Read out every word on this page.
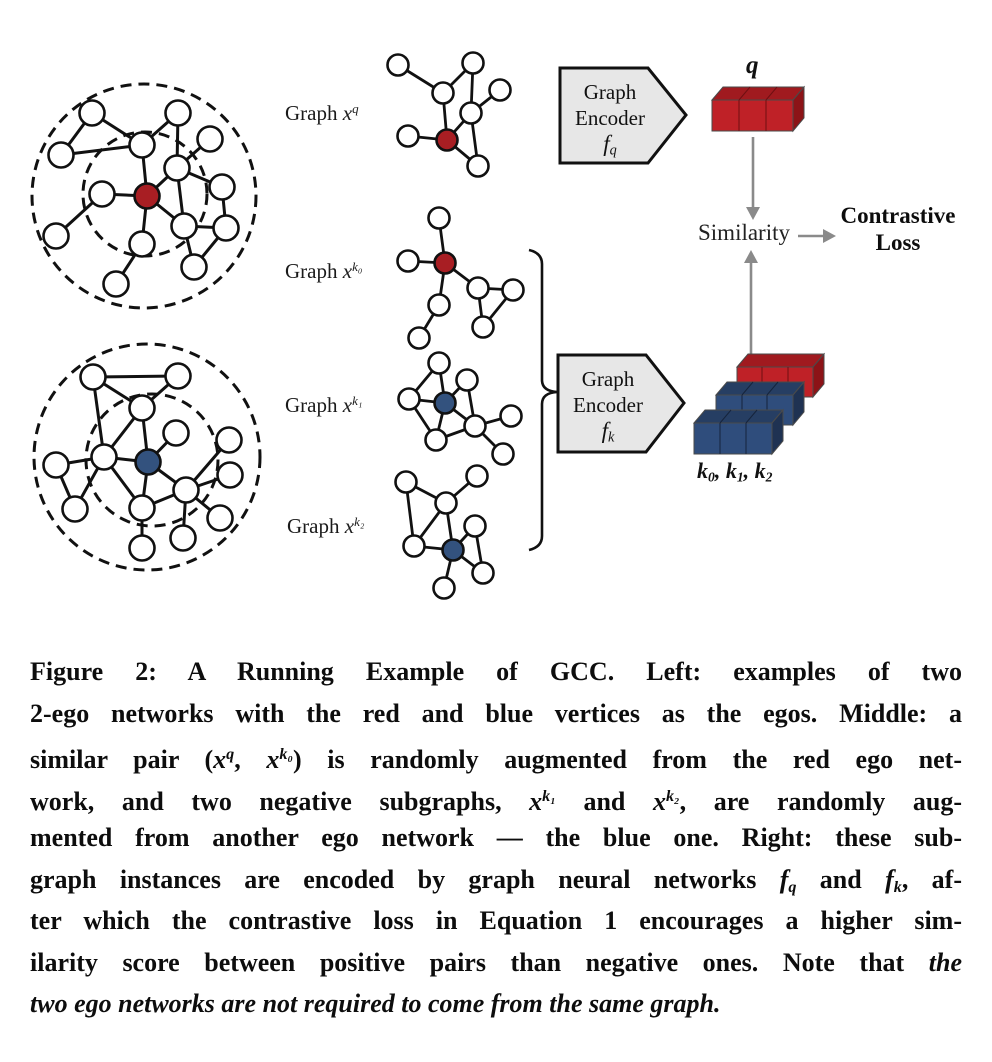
Graph $x^q$
Graph $x^{k_0}$
Graph $x^{k_1}$
Graph $x^{k_2}$
Graph
Encoder
$f_q$
Graph
Encoder
$f_k$
q
Similarity
Contrastive
Loss
$k_0$, $k_1$, $k_2$
Figure 2: A Running Example of GCC. Left: examples of two
2-ego networks with the red and blue vertices as the egos. Middle: a
similar pair ($x^q$, $x^{k_0}$) is randomly augmented from the red ego net-
work, and two negative subgraphs, $x^{k_1}$ and $x^{k_2}$, are randomly aug-
mented from another ego network — the blue one. Right: these sub-
graph instances are encoded by graph neural networks $f_q$ and $f_k$, af-
ter which the contrastive loss in Equation 1 encourages a higher sim-
ilarity score between positive pairs than negative ones. Note that the
two ego networks are not required to come from the same graph.
